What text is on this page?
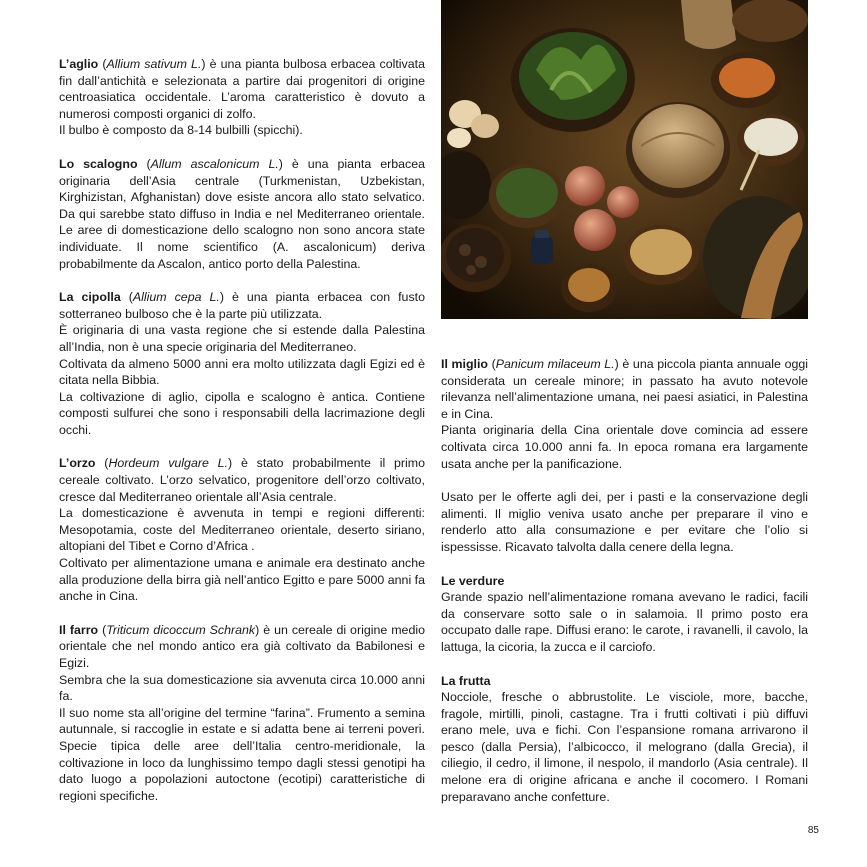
L’aglio (Allium sativum L.) è una pianta bulbosa erbacea coltivata fin dall’antichità e selezionata a partire dai progenitori di origine centroasiatica occidentale. L’aroma caratteristico è dovuto a numerosi composti organici di zolfo.

Il bulbo è composto da 8-14 bulbilli (spicchi).

Lo scalogno (Allum ascalonicum L.) è una pianta erbacea originaria dell’Asia centrale (Turkmenistan, Uzbekistan, Kirghizistan, Afghanistan) dove esiste ancora allo stato selvatico. Da qui sarebbe stato diffuso in India e nel Mediterraneo orientale. Le aree di domesticazione dello scalogno non sono ancora state individuate. Il nome scientifico (A. ascalonicum) deriva probabilmente da Ascalon, antico porto della Palestina.

La cipolla (Allium cepa L.) è una pianta erbacea con fusto sotterraneo bulboso che è la parte più utilizzata.

È originaria di una vasta regione che si estende dalla Palestina all’India, non è una specie originaria del Mediterraneo.

Coltivata da almeno 5000 anni era molto utilizzata dagli Egizi ed è citata nella Bibbia.

La coltivazione di aglio, cipolla e scalogno è antica. Contiene composti sulfurei che sono i responsabili della lacrimazione degli occhi.

L’orzo (Hordeum vulgare L.) è stato probabilmente il primo cereale coltivato. L’orzo selvatico, progenitore dell’orzo coltivato, cresce dal Mediterraneo orientale all’Asia centrale.

La domesticazione è avvenuta in tempi e regioni differenti: Mesopotamia, coste del Mediterraneo orientale, deserto siriano, altopiani del Tibet e Corno d’Africa .

Coltivato per alimentazione umana e animale era destinato anche alla produzione della birra già nell’antico Egitto e pare 5000 anni fa anche in Cina.

Il farro (Triticum dicoccum Schrank) è un cereale di origine medio orientale che nel mondo antico era già coltivato da Babilonesi e Egizi.

Sembra che la sua domesticazione sia avvenuta circa 10.000 anni fa.

Il suo nome sta all’origine del termine “farina”. Frumento a semina autunnale, si raccoglie in estate e si adatta bene ai terreni poveri. Specie tipica delle aree dell’Italia centro-meridionale, la coltivazione in loco da lunghissimo tempo dagli stessi genotipi ha dato luogo a popolazioni autoctone (ecotipi) caratteristiche di regioni specifiche.

Il miglio (Panicum milaceum L.) è una piccola pianta annuale oggi considerata un cereale minore; in passato ha avuto notevole rilevanza nell’alimentazione umana, nei paesi asiatici, in Palestina e in Cina.

Pianta originaria della Cina orientale dove comincia ad essere coltivata circa 10.000 anni fa. In epoca romana era largamente usata anche per la panificazione.

Usato per le offerte agli dei, per i pasti e la conservazione degli alimenti. Il miglio veniva usato anche per preparare il vino e renderlo atto alla consumazione e per evitare che l’olio si ispessisse. Ricavato talvolta dalla cenere della legna.

Le verdure

Grande spazio nell’alimentazione romana avevano le radici, facili da conservare sotto sale o in salamoia. Il primo posto era occupato dalle rape. Diffusi erano: le carote, i ravanelli, il cavolo, la lattuga, la cicoria, la zucca e il carciofo.

La frutta

Nocciole, fresche o abbrustolite. Le visciole, more, bacche, fragole, mirtilli, pinoli, castagne. Tra i frutti coltivati i più diffuvi erano mele, uva e fichi. Con l’espansione romana arrivarono il pesco (dalla Persia), l’albicocco, il melograno (dalla Grecia), il ciliegio, il cedro, il limone, il nespolo, il mandorlo (Asia centrale). Il melone era di origine africana e anche il cocomero. I Romani preparavano anche confetture.

85
